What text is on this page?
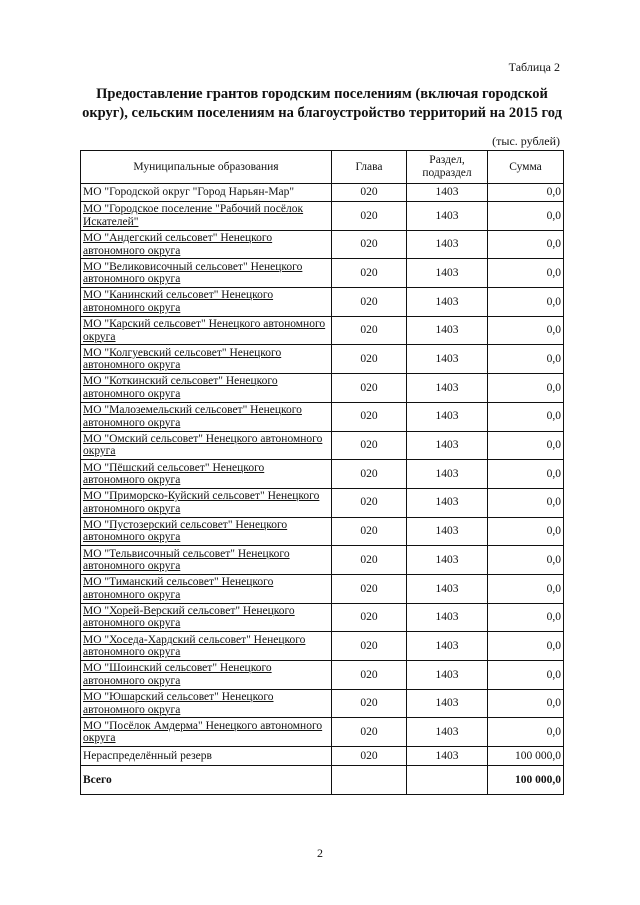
Таблица 2
Предоставление грантов городским поселениям (включая городской округ), сельским поселениям на благоустройство территорий на 2015 год
(тыс. рублей)
Муниципальные образования	Глава	Раздел, подраздел	Сумма
МО "Городской округ "Город Нарьян-Мар"	020	1403	0,0
МО "Городское поселение "Рабочий посёлок Искателей"	020	1403	0,0
МО "Андегский сельсовет" Ненецкого автономного округа	020	1403	0,0
МО "Великовисочный сельсовет" Ненецкого автономного округа	020	1403	0,0
МО "Канинский сельсовет" Ненецкого автономного округа	020	1403	0,0
МО "Карский сельсовет" Ненецкого автономного округа	020	1403	0,0
МО "Колгуевский сельсовет" Ненецкого автономного округа	020	1403	0,0
МО "Коткинский сельсовет" Ненецкого автономного округа	020	1403	0,0
МО "Малоземельский сельсовет" Ненецкого автономного округа	020	1403	0,0
МО "Омский сельсовет" Ненецкого автономного округа	020	1403	0,0
МО "Пёшский сельсовет" Ненецкого автономного округа	020	1403	0,0
МО "Приморско-Куйский сельсовет" Ненецкого автономного округа	020	1403	0,0
МО "Пустозерский сельсовет" Ненецкого автономного округа	020	1403	0,0
МО "Тельвисочный сельсовет" Ненецкого автономного округа	020	1403	0,0
МО "Тиманский сельсовет" Ненецкого автономного округа	020	1403	0,0
МО "Хорей-Верский сельсовет" Ненецкого автономного округа	020	1403	0,0
МО "Хоседа-Хардский сельсовет" Ненецкого автономного округа	020	1403	0,0
МО "Шоинский сельсовет" Ненецкого автономного округа	020	1403	0,0
МО "Юшарский сельсовет" Ненецкого автономного округа	020	1403	0,0
МО "Посёлок Амдерма" Ненецкого автономного округа	020	1403	0,0
Нераспределённый резерв	020	1403	100 000,0
Всего			100 000,0
2
